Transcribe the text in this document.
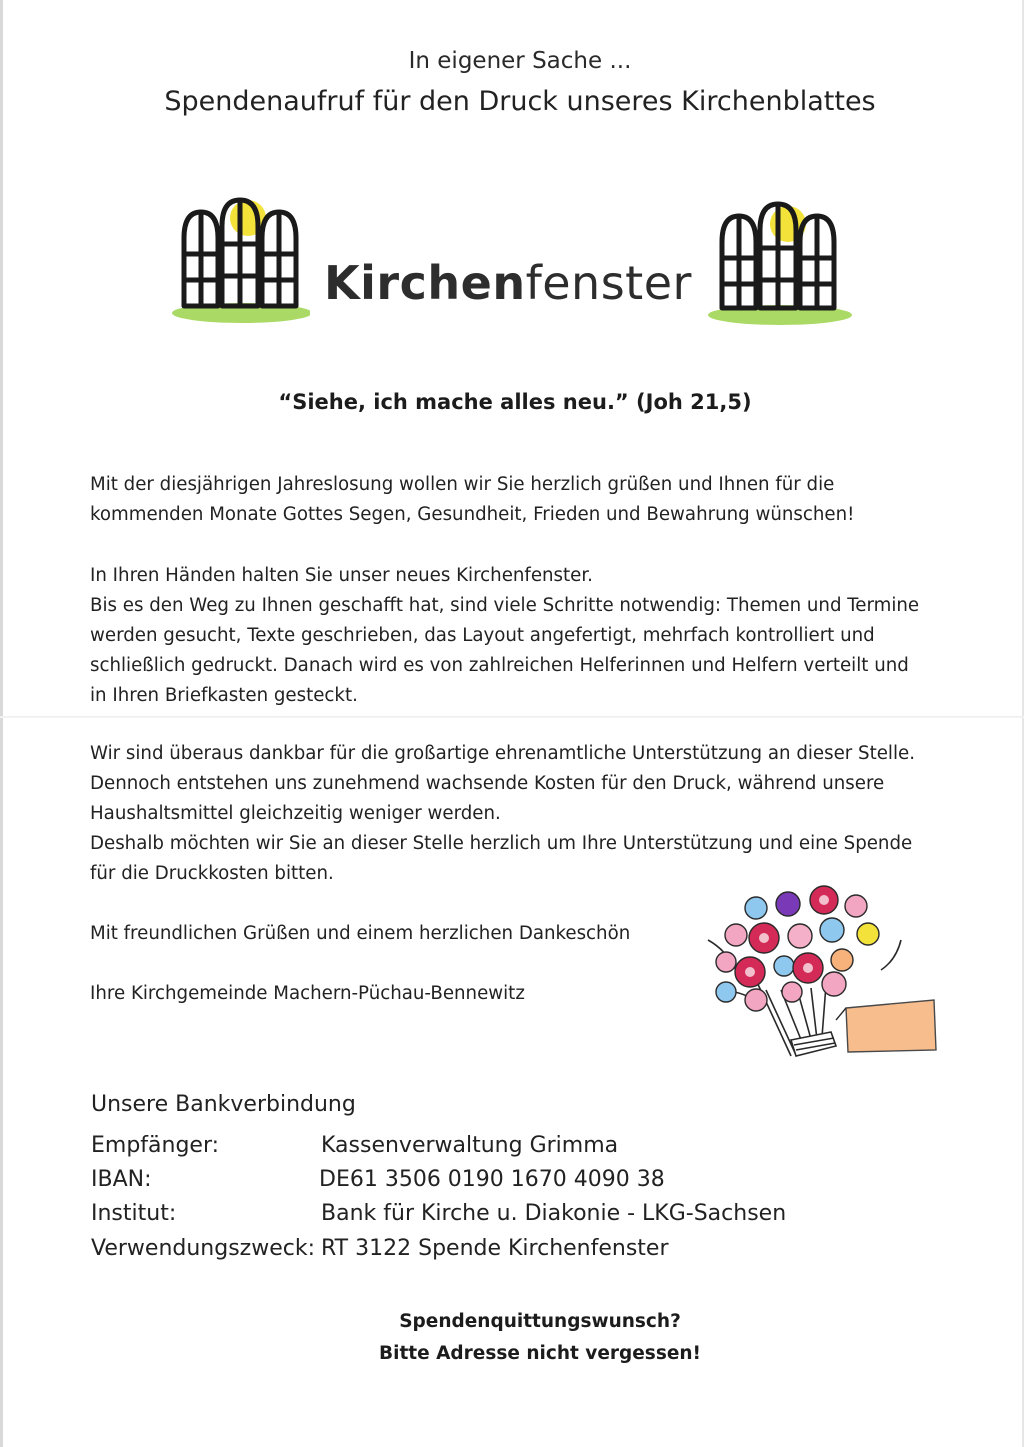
In eigener Sache ...
Spendenaufruf für den Druck unseres Kirchenblattes
Kirchenfenster
“Siehe, ich mache alles neu.” (Joh 21,5)
Mit der diesjährigen Jahreslosung wollen wir Sie herzlich grüßen und Ihnen für die
kommenden Monate Gottes Segen, Gesundheit, Frieden und Bewahrung wünschen!
In Ihren Händen halten Sie unser neues Kirchenfenster.
Bis es den Weg zu Ihnen geschafft hat, sind viele Schritte notwendig: Themen und Termine
werden gesucht, Texte geschrieben, das Layout angefertigt, mehrfach kontrolliert und
schließlich gedruckt. Danach wird es von zahlreichen Helferinnen und Helfern verteilt und
in Ihren Briefkasten gesteckt.
Wir sind überaus dankbar für die großartige ehrenamtliche Unterstützung an dieser Stelle.
Dennoch entstehen uns zunehmend wachsende Kosten für den Druck, während unsere
Haushaltsmittel gleichzeitig weniger werden.
Deshalb möchten wir Sie an dieser Stelle herzlich um Ihre Unterstützung und eine Spende
für die Druckkosten bitten.
Mit freundlichen Grüßen und einem herzlichen Dankeschön
Ihre Kirchgemeinde Machern-Püchau-Bennewitz
Unsere Bankverbindung
Empfänger:	Kassenverwaltung Grimma
IBAN:	DE61 3506 0190 1670 4090 38
Institut:	Bank für Kirche u. Diakonie - LKG-Sachsen
Verwendungszweck: RT 3122 Spende Kirchenfenster
Spendenquittungswunsch?
Bitte Adresse nicht vergessen!
